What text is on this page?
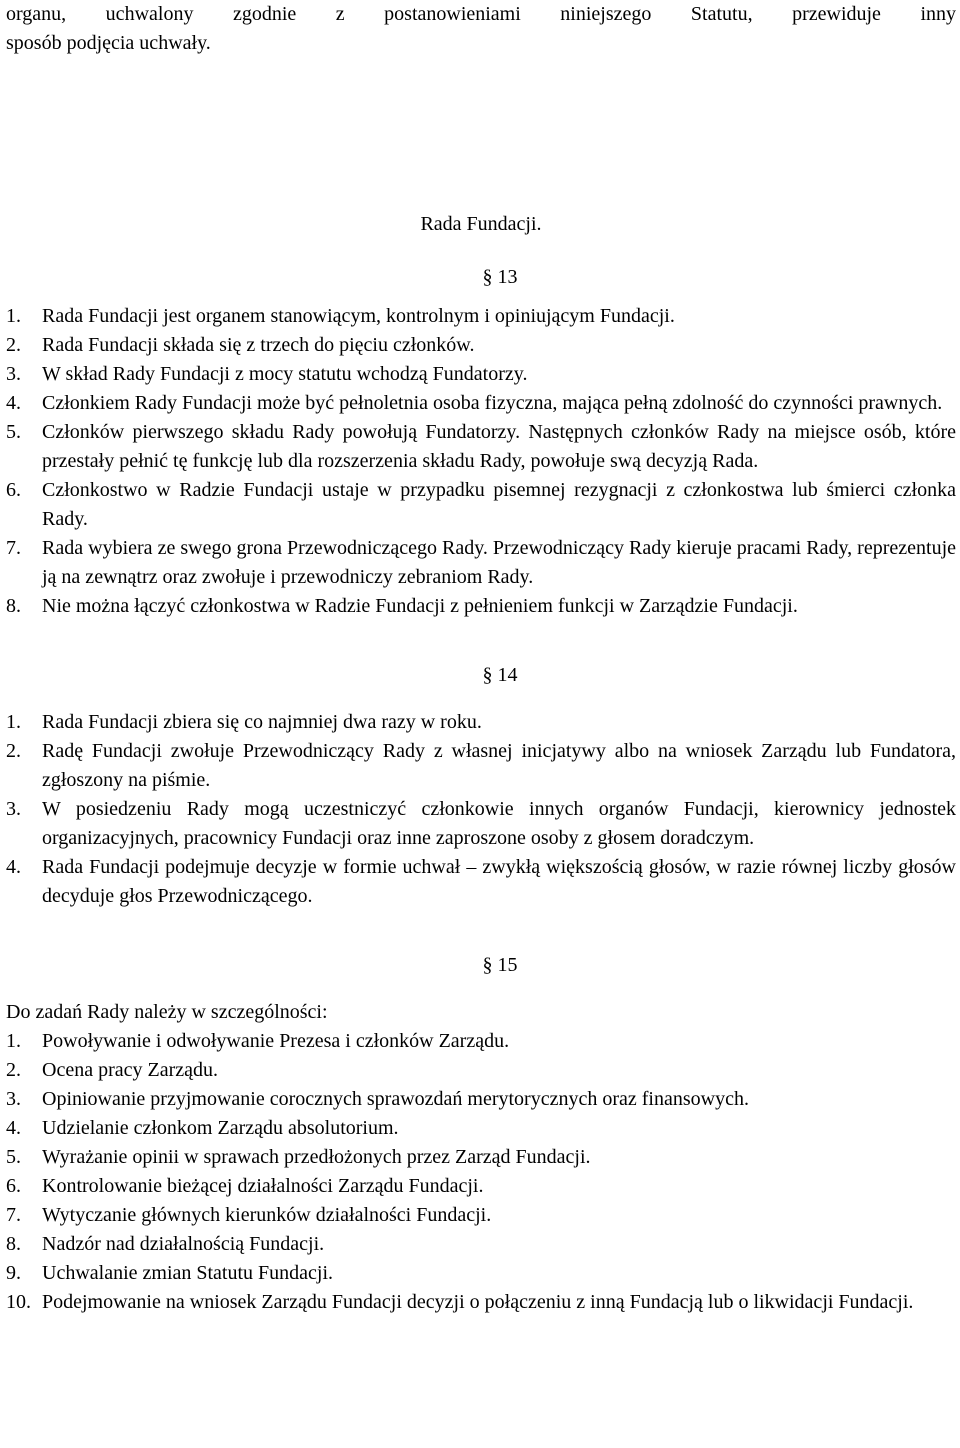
organu, uchwalony zgodnie z postanowieniami niniejszego Statutu, przewiduje inny

sposób podjęcia uchwały.

Rada Fundacji.

§ 13

1.	Rada Fundacji jest organem stanowiącym, kontrolnym i opiniującym Fundacji.
2.	Rada Fundacji składa się z trzech do pięciu członków.
3.	W skład Rady Fundacji z mocy statutu wchodzą Fundatorzy.
4.	Członkiem Rady Fundacji może być pełnoletnia osoba fizyczna, mająca pełną zdolność do czynności prawnych.
5.	Członków pierwszego składu Rady powołują Fundatorzy. Następnych członków Rady na miejsce osób, które przestały pełnić tę funkcję lub dla rozszerzenia składu Rady, powołuje swą decyzją Rada.
6.	Członkostwo w Radzie Fundacji ustaje w przypadku pisemnej rezygnacji z członkostwa lub śmierci członka Rady.
7.	Rada wybiera ze swego grona Przewodniczącego Rady. Przewodniczący Rady kieruje pracami Rady, reprezentuje ją na zewnątrz oraz zwołuje i przewodniczy zebraniom Rady.
8.	Nie można łączyć członkostwa w Radzie Fundacji z pełnieniem funkcji w Zarządzie Fundacji.

§ 14

1.	Rada Fundacji zbiera się co najmniej dwa razy w roku.
2.	Radę Fundacji zwołuje Przewodniczący Rady z własnej inicjatywy albo na wniosek Zarządu lub Fundatora, zgłoszony na piśmie.
3.	W posiedzeniu Rady mogą uczestniczyć członkowie innych organów Fundacji, kierownicy jednostek organizacyjnych, pracownicy Fundacji oraz inne zaproszone osoby z głosem doradczym.
4.	Rada Fundacji podejmuje decyzje w formie uchwał – zwykłą większością głosów, w razie równej liczby głosów decyduje głos Przewodniczącego.

§ 15

Do zadań Rady należy w szczególności:

1.	Powoływanie i odwoływanie Prezesa i członków Zarządu.
2.	Ocena pracy Zarządu.
3.	Opiniowanie przyjmowanie corocznych sprawozdań merytorycznych oraz finansowych.
4.	Udzielanie członkom Zarządu absolutorium.
5.	Wyrażanie opinii w sprawach przedłożonych przez Zarząd Fundacji.
6.	Kontrolowanie bieżącej działalności Zarządu Fundacji.
7.	Wytyczanie głównych kierunków działalności Fundacji.
8.	Nadzór nad działalnością Fundacji.
9.	Uchwalanie zmian Statutu Fundacji.
10. Podejmowanie na wniosek Zarządu Fundacji decyzji o połączeniu z inną Fundacją lub o likwidacji Fundacji.
